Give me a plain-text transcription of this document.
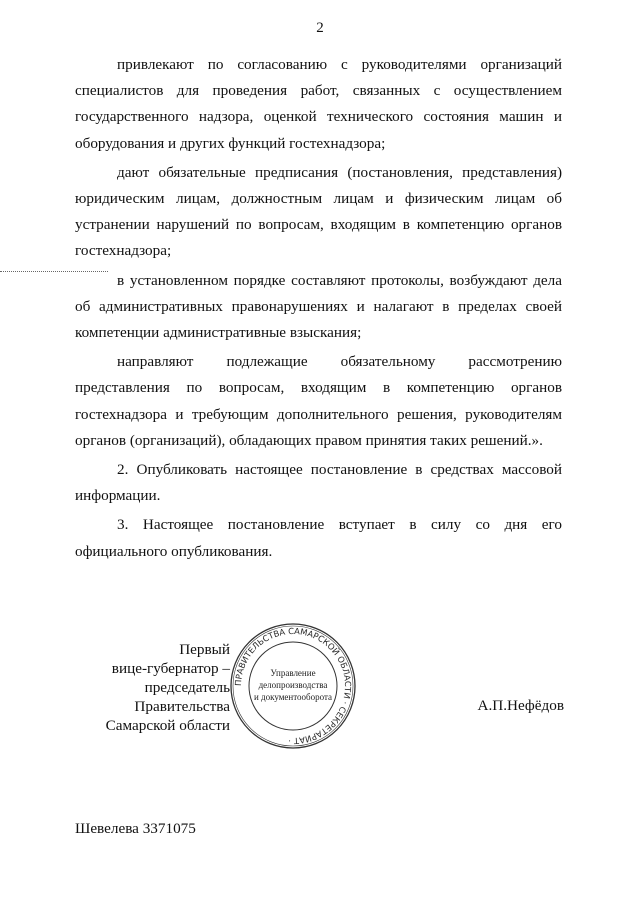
2

привлекают по согласованию с руководителями организаций специалистов для проведения работ, связанных с осуществлением государственного надзора, оценкой технического состояния машин и оборудования и других функций гостехнадзора;

дают обязательные предписания (постановления, представления) юридическим лицам, должностным лицам и физическим лицам об устранении нарушений по вопросам, входящим в компетенцию органов гостехнадзора;

в установленном порядке составляют протоколы, возбуждают дела об административных правонарушениях и налагают в пределах своей компетенции административные взыскания;

направляют подлежащие обязательному рассмотрению представления по вопросам, входящим в компетенцию органов гостехнадзора и требующим дополнительного решения, руководителям органов (организаций), обладающих правом принятия таких решений.».

2. Опубликовать настоящее постановление в средствах массовой информации.

3. Настоящее постановление вступает в силу со дня его официального опубликования.

Первый
вице-губернатор –
председатель Правительства
Самарской области
ПРАВИТЕЛЬСТВА САМАРСКОЙ ОБЛАСТИ · СЕКРЕТАРИАТ ·
Управление
делопроизводства
и документооборота	А.П.Нефёдов
Шевелева 3371075
